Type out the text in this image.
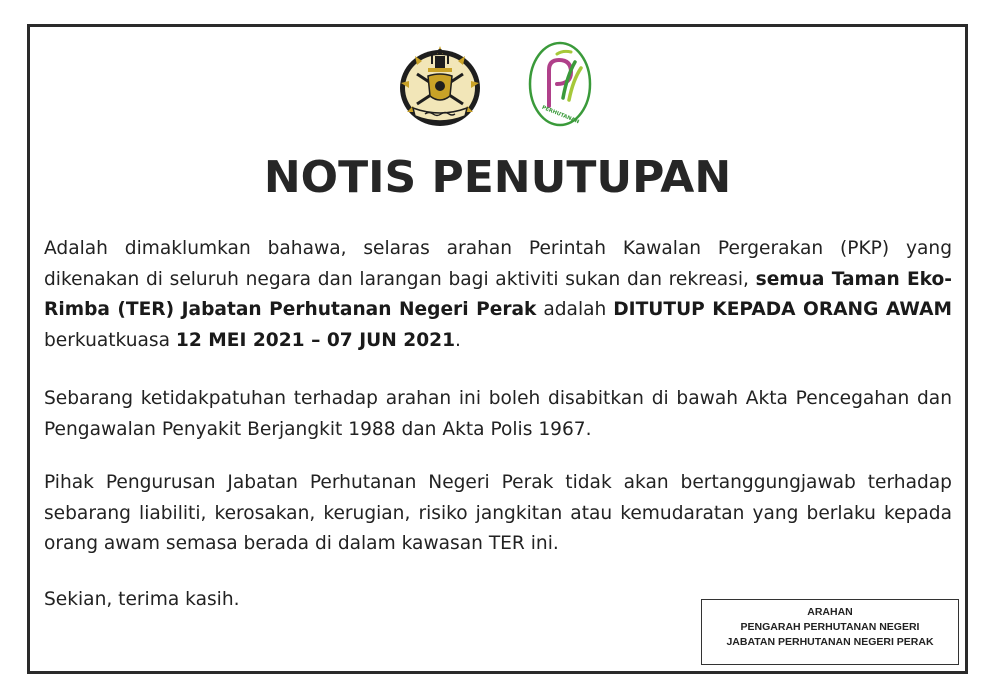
PERHUTANAN
NOTIS PENUTUPAN
Adalah dimaklumkan bahawa, selaras arahan Perintah Kawalan Pergerakan (PKP) yang dikenakan di seluruh negara dan larangan bagi aktiviti sukan dan rekreasi, semua Taman Eko-Rimba (TER) Jabatan Perhutanan Negeri Perak adalah DITUTUP KEPADA ORANG AWAM berkuatkuasa 12 MEI 2021 – 07 JUN 2021.
Sebarang ketidakpatuhan terhadap arahan ini boleh disabitkan di bawah Akta Pencegahan dan Pengawalan Penyakit Berjangkit 1988 dan Akta Polis 1967.
Pihak Pengurusan Jabatan Perhutanan Negeri Perak tidak akan bertanggungjawab terhadap sebarang liabiliti, kerosakan, kerugian, risiko jangkitan atau kemudaratan yang berlaku kepada orang awam semasa berada di dalam kawasan TER ini.
Sekian, terima kasih.
ARAHAN
PENGARAH PERHUTANAN NEGERI
JABATAN PERHUTANAN NEGERI PERAK
